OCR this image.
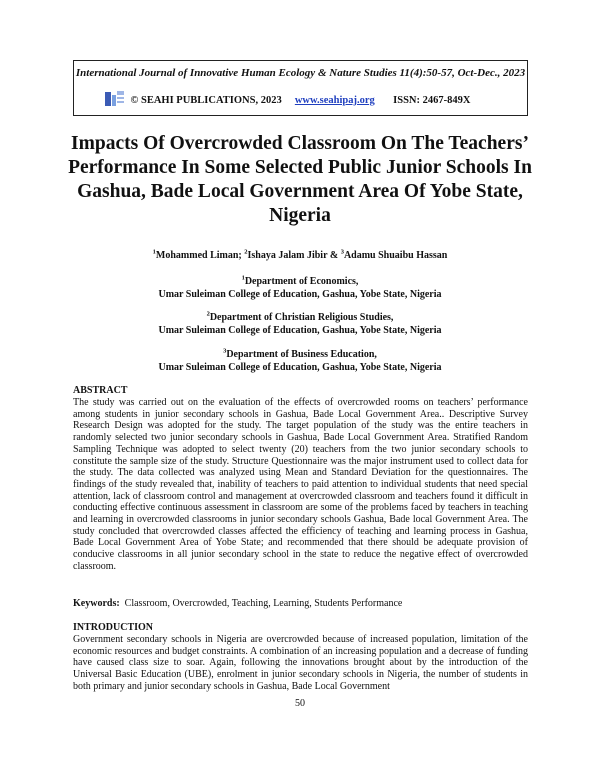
International Journal of Innovative Human Ecology & Nature Studies 11(4):50-57, Oct-Dec., 2023
© SEAHI PUBLICATIONS, 2023 www.seahipaj.org ISSN: 2467-849X
Impacts Of Overcrowded Classroom On The Teachers’ Performance In Some Selected Public Junior Schools In Gashua, Bade Local Government Area Of Yobe State, Nigeria
$^1$Mohammed Liman; $^2$Ishaya Jalam Jibir & $^3$Adamu Shuaibu Hassan
$^1$Department of Economics,
Umar Suleiman College of Education, Gashua, Yobe State, Nigeria
$^2$Department of Christian Religious Studies,
Umar Suleiman College of Education, Gashua, Yobe State, Nigeria
$^3$Department of Business Education,
Umar Suleiman College of Education, Gashua, Yobe State, Nigeria
ABSTRACT
The study was carried out on the evaluation of the effects of overcrowded rooms on teachers’ performance among students in junior secondary schools in Gashua, Bade Local Government Area.. Descriptive Survey Research Design was adopted for the study. The target population of the study was the entire teachers in randomly selected two junior secondary schools in Gashua, Bade Local Government Area. Stratified Random Sampling Technique was adopted to select twenty (20) teachers from the two junior secondary schools to constitute the sample size of the study. Structure Questionnaire was the major instrument used to collect data for the study. The data collected was analyzed using Mean and Standard Deviation for the questionnaires. The findings of the study revealed that, inability of teachers to paid attention to individual students that need special attention, lack of classroom control and management at overcrowded classroom and teachers found it difficult in conducting effective continuous assessment in classroom are some of the problems faced by teachers in teaching and learning in overcrowded classrooms in junior secondary schools Gashua, Bade local Government Area. The study concluded that overcrowded classes affected the efficiency of teaching and learning process in Gashua, Bade Local Government Area of Yobe State; and recommended that there should be adequate provision of conducive classrooms in all junior secondary school in the state to reduce the negative effect of overcrowded classroom.
Keywords: Classroom, Overcrowded, Teaching, Learning, Students Performance
INTRODUCTION
Government secondary schools in Nigeria are overcrowded because of increased population, limitation of the economic resources and budget constraints. A combination of an increasing population and a decrease of funding have caused class size to soar. Again, following the innovations brought about by the introduction of the Universal Basic Education (UBE), enrolment in junior secondary schools in Nigeria, the number of students in both primary and junior secondary schools in Gashua, Bade Local Government
50
